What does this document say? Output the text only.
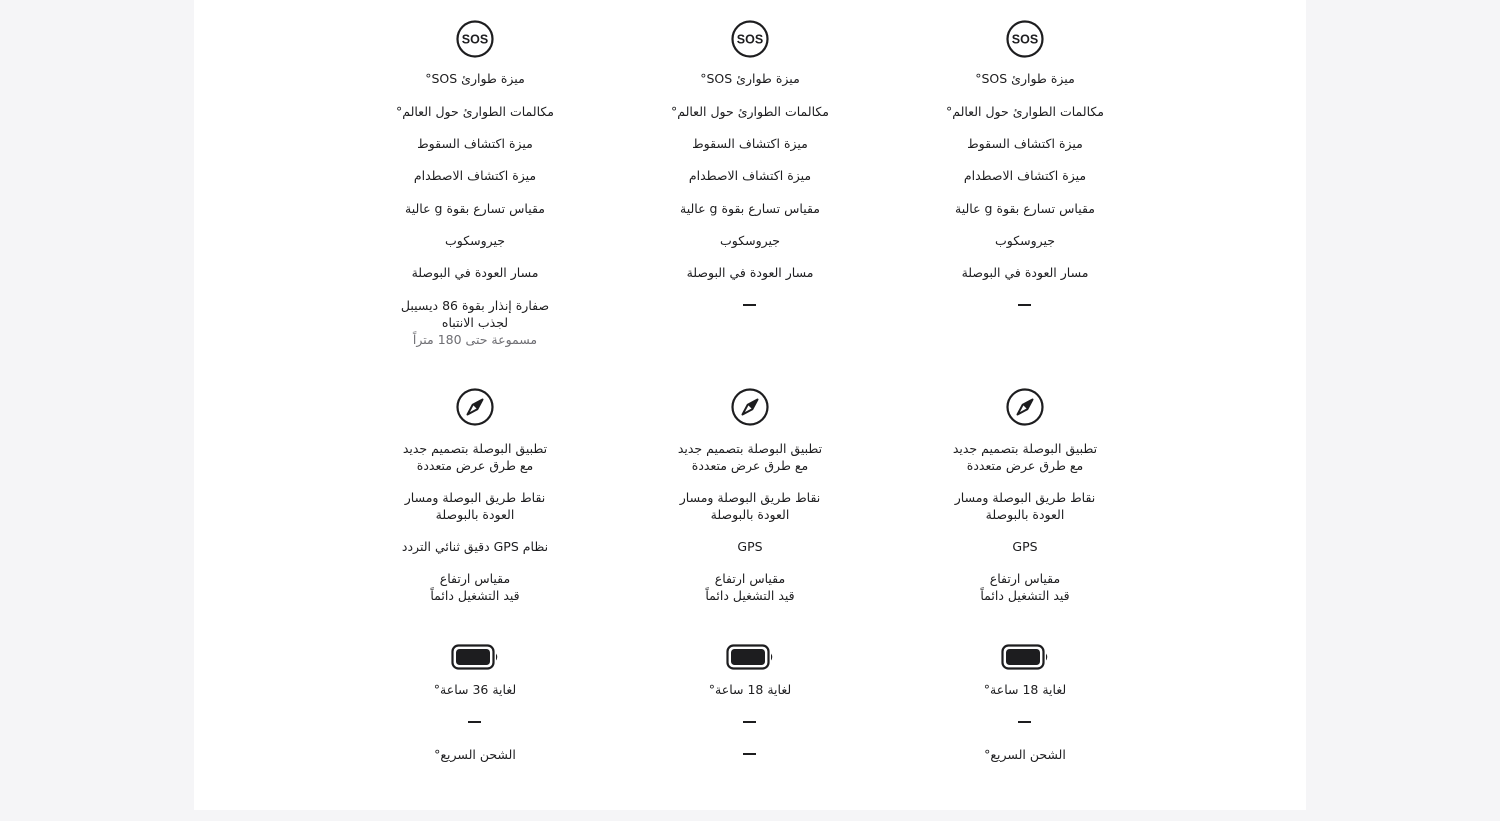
SOS
ميزة طوارئ SOS°
مكالمات الطوارئ حول العالم°
ميزة اكتشاف السقوط
ميزة اكتشاف الاصطدام
مقياس تسارع بقوة g عالية
جيروسكوب
مسار العودة في البوصلة
صفارة إنذار بقوة 86 ديسيبل
لجذب الانتباه
مسموعة حتى 180 متراً
تطبيق البوصلة بتصميم جديد
مع طرق عرض متعددة
نقاط طريق البوصلة ومسار
العودة بالبوصلة
نظام GPS دقيق ثنائي التردد
مقياس ارتفاع
قيد التشغيل دائماً
لغاية 36 ساعة°
الشحن السريع°
SOS
ميزة طوارئ SOS°
مكالمات الطوارئ حول العالم°
ميزة اكتشاف السقوط
ميزة اكتشاف الاصطدام
مقياس تسارع بقوة g عالية
جيروسكوب
مسار العودة في البوصلة
تطبيق البوصلة بتصميم جديد
مع طرق عرض متعددة
نقاط طريق البوصلة ومسار
العودة بالبوصلة
GPS
مقياس ارتفاع
قيد التشغيل دائماً
لغاية 18 ساعة°
SOS
ميزة طوارئ SOS°
مكالمات الطوارئ حول العالم°
ميزة اكتشاف السقوط
ميزة اكتشاف الاصطدام
مقياس تسارع بقوة g عالية
جيروسكوب
مسار العودة في البوصلة
تطبيق البوصلة بتصميم جديد
مع طرق عرض متعددة
نقاط طريق البوصلة ومسار
العودة بالبوصلة
GPS
مقياس ارتفاع
قيد التشغيل دائماً
لغاية 18 ساعة°
الشحن السريع°
